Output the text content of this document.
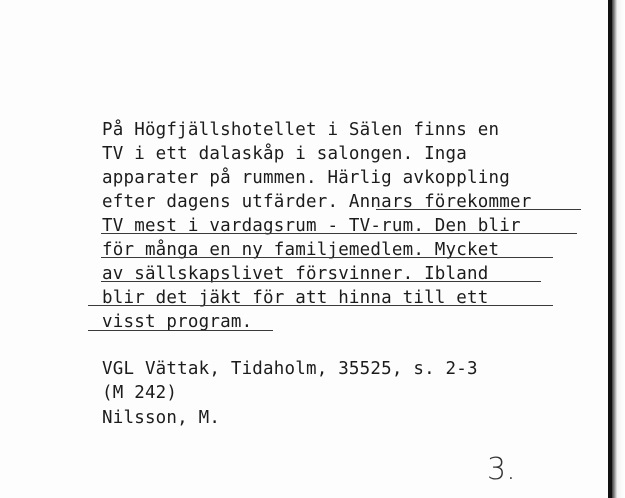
På Högfjällshotellet i Sälen finns en
TV i ett dalaskåp i salongen. Inga
apparater på rummen. Härlig avkoppling
efter dagens utfärder. Annars förekommer
TV mest i vardagsrum - TV-rum. Den blir
för många en ny familjemedlem. Mycket
av sällskapslivet försvinner. Ibland
blir det jäkt för att hinna till ett
visst program.
VGL Vättak, Tidaholm, 35525, s. 2-3
(M 242)
Nilsson, M.
3.
